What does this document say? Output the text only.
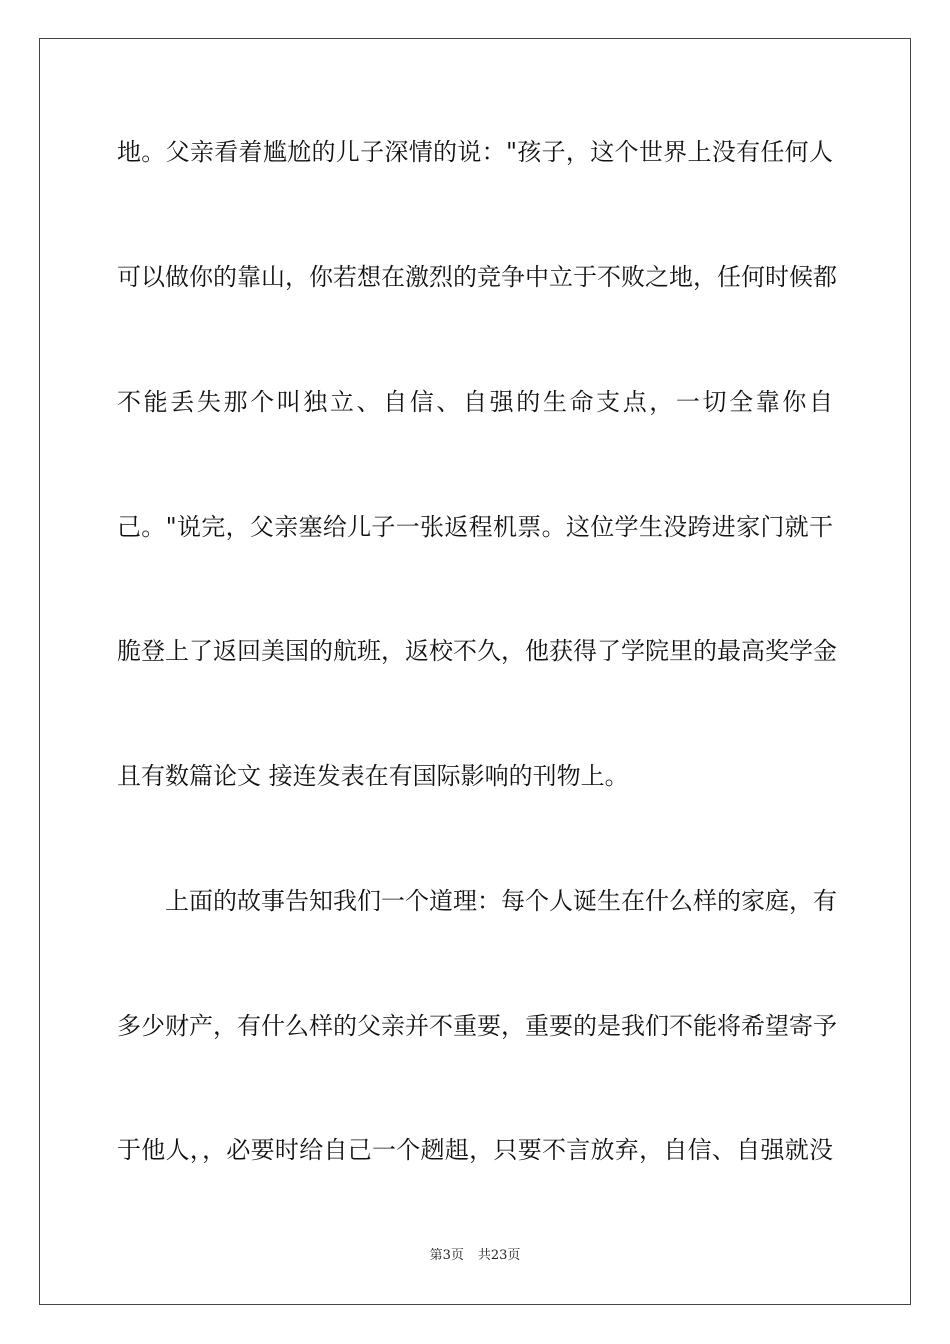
地。父亲看着尴尬的儿子深情的说："孩子，这个世界上没有任何人
可以做你的靠山，你若想在激烈的竞争中立于不败之地，任何时候都
不能丢失那个叫独立、自信、自强的生命支点，一切全靠你自
己。"说完，父亲塞给儿子一张返程机票。这位学生没跨进家门就干
脆登上了返回美国的航班，返校不久，他获得了学院里的最高奖学金
且有数篇论文 接连发表在有国际影响的刊物上。
上面的故事告知我们一个道理：每个人诞生在什么样的家庭，有
多少财产，有什么样的父亲并不重要，重要的是我们不能将希望寄予
于他人，，必要时给自己一个趔趄，只要不言放弃，自信、自强就没
第3页 共23页
